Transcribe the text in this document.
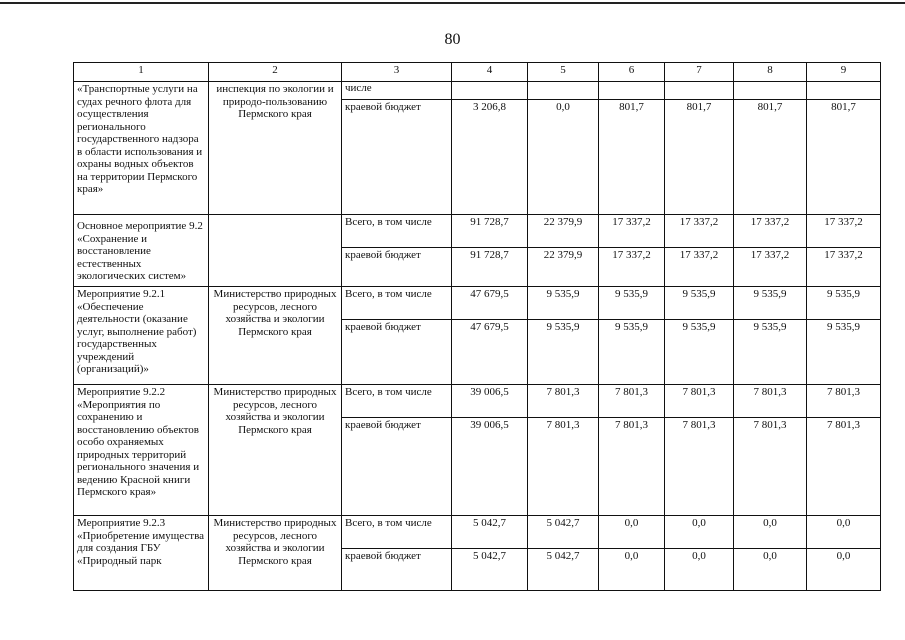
80
1	2	3	4	5	6	7	8	9
«Транспортные услуги на судах речного флота для осуществления регионального государственного надзора в области использования и охраны водных объектов на территории Пермского края»	инспекция по экологии и природо-пользованию Пермского края	числе						
		краевой бюджет	3 206,8	0,0	801,7	801,7	801,7	801,7
Основное мероприятие 9.2 «Сохранение и восстановление естественных экологических систем»		Всего, в том числе	91 728,7	22 379,9	17 337,2	17 337,2	17 337,2	17 337,2
		краевой бюджет	91 728,7	22 379,9	17 337,2	17 337,2	17 337,2	17 337,2
Мероприятие 9.2.1 «Обеспечение деятельности (оказание услуг, выполнение работ) государственных учреждений (организаций)»	Министерство природных ресурсов, лесного хозяйства и экологии Пермского края	Всего, в том числе	47 679,5	9 535,9	9 535,9	9 535,9	9 535,9	9 535,9
		краевой бюджет	47 679,5	9 535,9	9 535,9	9 535,9	9 535,9	9 535,9
Мероприятие 9.2.2 «Мероприятия по сохранению и восстановлению объектов особо охраняемых природных территорий регионального значения и ведению Красной книги Пермского края»	Министерство природных ресурсов, лесного хозяйства и экологии Пермского края	Всего, в том числе	39 006,5	7 801,3	7 801,3	7 801,3	7 801,3	7 801,3
		краевой бюджет	39 006,5	7 801,3	7 801,3	7 801,3	7 801,3	7 801,3
Мероприятие 9.2.3 «Приобретение имущества для создания ГБУ «Природный парк	Министерство природных ресурсов, лесного хозяйства и экологии Пермского края	Всего, в том числе	5 042,7	5 042,7	0,0	0,0	0,0	0,0
		краевой бюджет	5 042,7	5 042,7	0,0	0,0	0,0	0,0
